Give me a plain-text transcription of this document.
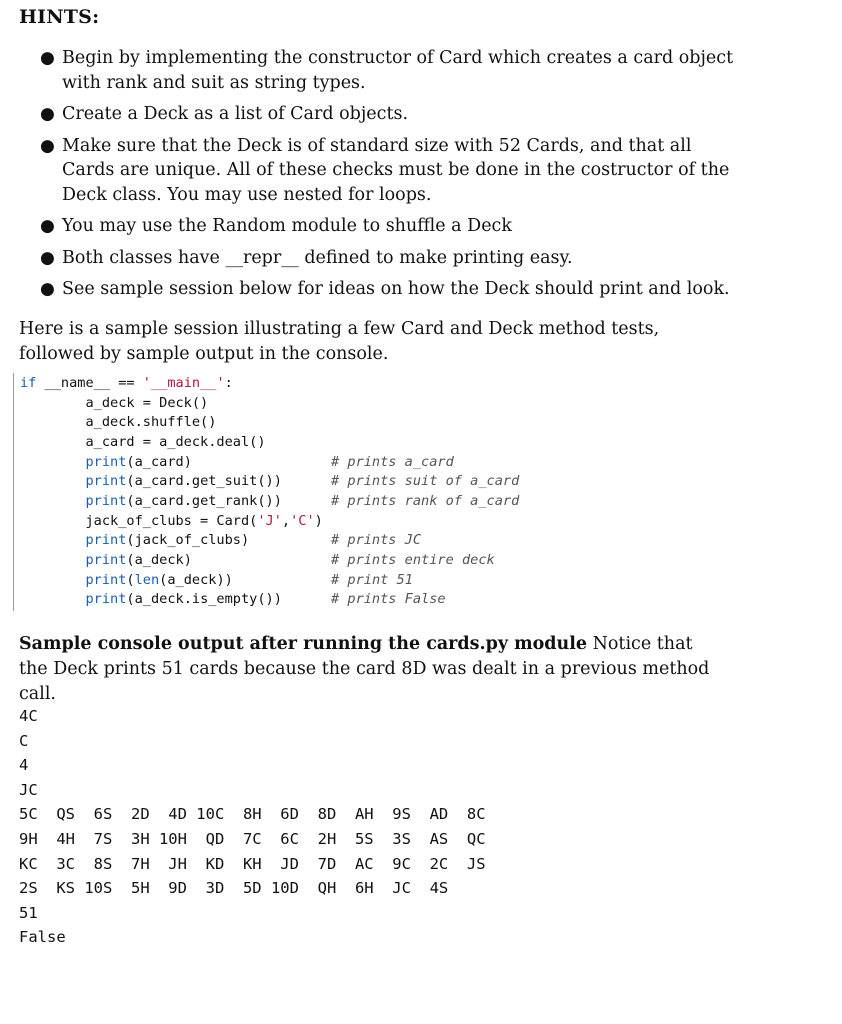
HINTS:
● Begin by implementing the constructor of Card which creates a card object with rank and suit as string types.
● Create a Deck as a list of Card objects.
● Make sure that the Deck is of standard size with 52 Cards, and that all Cards are unique. All of these checks must be done in the costructor of the Deck class. You may use nested for loops.
● You may use the Random module to shuffle a Deck
● Both classes have __repr__ defined to make printing easy.
● See sample session below for ideas on how the Deck should print and look.

Here is a sample session illustrating a few Card and Deck method tests, followed by sample output in the console.

if __name__ == '__main__':
a_deck = Deck()
a_deck.shuffle()
a_card = a_deck.deal()
print(a_card)                 # prints a_card
print(a_card.get_suit())      # prints suit of a_card
print(a_card.get_rank())      # prints rank of a_card
jack_of_clubs = Card('J','C')
print(jack_of_clubs)          # prints JC
print(a_deck)                 # prints entire deck
print(len(a_deck))            # print 51
print(a_deck.is_empty())      # prints False

Sample console output after running the cards.py module Notice that the Deck prints 51 cards because the card 8D was dealt in a previous method call.

4C
C
4
JC
5C  QS  6S  2D  4D 10C  8H  6D  8D  AH  9S  AD  8C
9H  4H  7S  3H 10H  QD  7C  6C  2H  5S  3S  AS  QC
KC  3C  8S  7H  JH  KD  KH  JD  7D  AC  9C  2C  JS
2S  KS 10S  5H  9D  3D  5D 10D  QH  6H  JC  4S
51
False
